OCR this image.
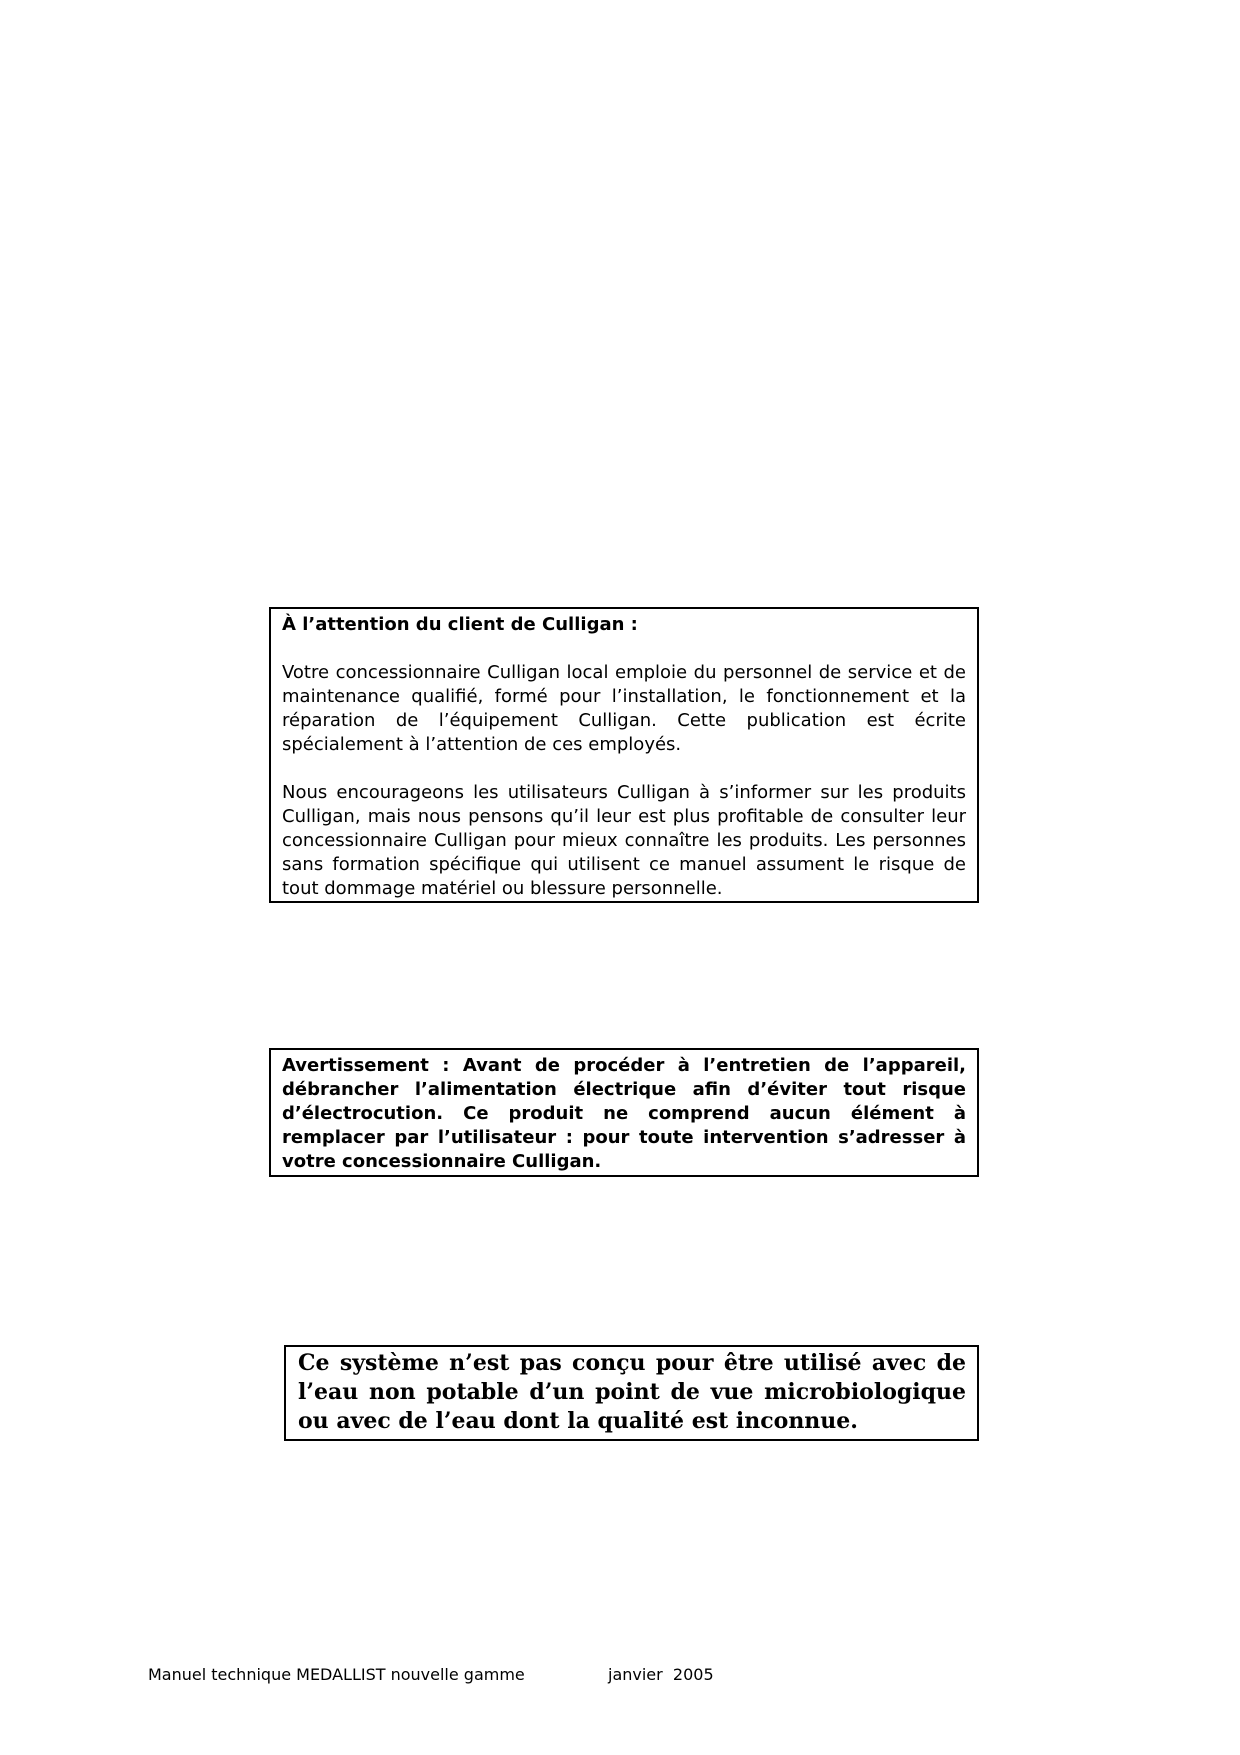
À l’attention du client de Culligan :

Votre concessionnaire Culligan local emploie du personnel de service et de maintenance qualifié, formé pour l’installation, le fonctionnement et la réparation de l’équipement Culligan. Cette publication est écrite spécialement à l’attention de ces employés.

Nous encourageons les utilisateurs Culligan à s’informer sur les produits Culligan, mais nous pensons qu’il leur est plus profitable de consulter leur concessionnaire Culligan pour mieux connaître les produits. Les personnes sans formation spécifique qui utilisent ce manuel assument le risque de tout dommage matériel ou blessure personnelle.

Avertissement : Avant de procéder à l’entretien de l’appareil, débrancher l’alimentation électrique afin d’éviter tout risque d’électrocution. Ce produit ne comprend aucun élément à remplacer par l’utilisateur : pour toute intervention s’adresser à votre concessionnaire Culligan.

Ce système n’est pas conçu pour être utilisé avec de l’eau non potable d’un point de vue microbiologique ou avec de l’eau dont la qualité est inconnue.

Manuel technique MEDALLIST nouvelle gamme	janvier  2005
